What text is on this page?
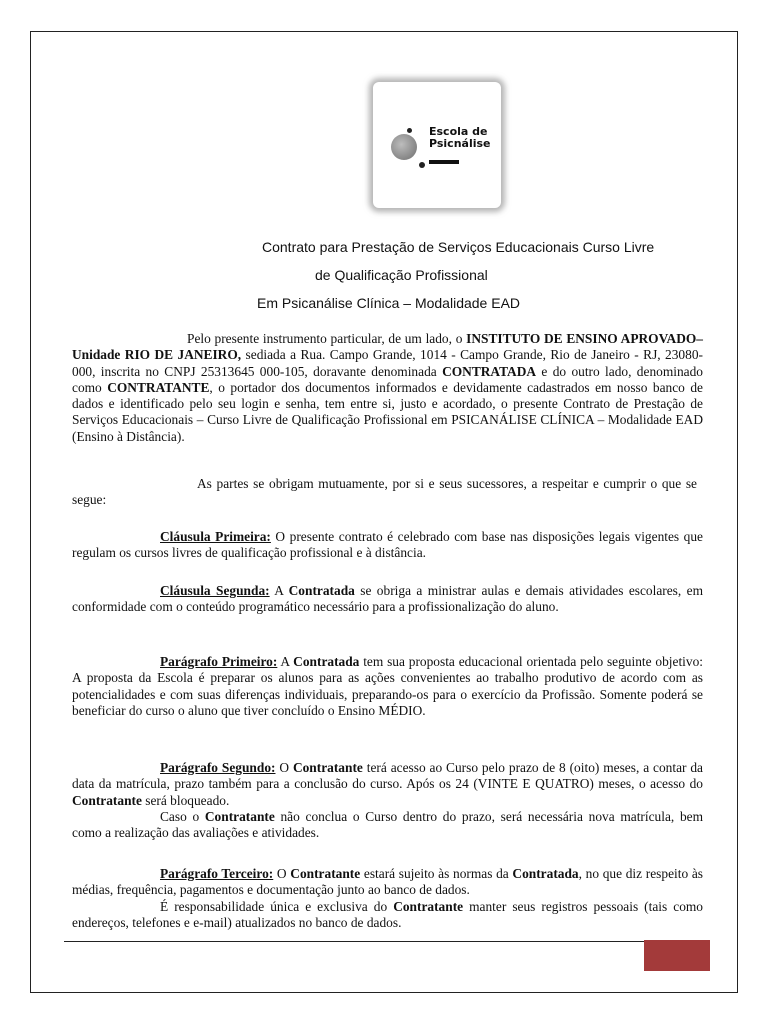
Escola de
Psicnálise
Contrato para Prestação de Serviços Educacionais Curso Livre
de Qualificação Profissional
Em Psicanálise Clínica – Modalidade EAD
Pelo presente instrumento particular, de um lado, o INSTITUTO DE ENSINO APROVADO– Unidade RIO DE JANEIRO, sediada a Rua. Campo Grande, 1014 - Campo Grande, Rio de Janeiro - RJ, 23080-000, inscrita no CNPJ 25313645 000-105, doravante denominada CONTRATADA e do outro lado, denominado como CONTRATANTE, o portador dos documentos informados e devidamente cadastrados em nosso banco de dados e identificado pelo seu login e senha, tem entre si, justo e acordado, o presente Contrato de Prestação de Serviços Educacionais – Curso Livre de Qualificação Profissional em PSICANÁLISE CLÍNICA – Modalidade EAD (Ensino à Distância).
As partes se obrigam mutuamente, por si e seus sucessores, a respeitar e cumprir o que se segue:
Cláusula Primeira: O presente contrato é celebrado com base nas disposições legais vigentes que regulam os cursos livres de qualificação profissional e à distância.
Cláusula Segunda: A Contratada se obriga a ministrar aulas e demais atividades escolares, em conformidade com o conteúdo programático necessário para a profissionalização do aluno.
Parágrafo Primeiro: A Contratada tem sua proposta educacional orientada pelo seguinte objetivo: A proposta da Escola é preparar os alunos para as ações convenientes ao trabalho produtivo de acordo com as potencialidades e com suas diferenças individuais, preparando-os para o exercício da Profissão. Somente poderá se beneficiar do curso o aluno que tiver concluído o Ensino MÉDIO.
Parágrafo Segundo: O Contratante terá acesso ao Curso pelo prazo de 8 (oito) meses, a contar da data da matrícula, prazo também para a conclusão do curso. Após os 24 (VINTE E QUATRO) meses, o acesso do Contratante será bloqueado.
Caso o Contratante não conclua o Curso dentro do prazo, será necessária nova matrícula, bem como a realização das avaliações e atividades.
Parágrafo Terceiro: O Contratante estará sujeito às normas da Contratada, no que diz respeito às médias, frequência, pagamentos e documentação junto ao banco de dados.
É responsabilidade única e exclusiva do Contratante manter seus registros pessoais (tais como endereços, telefones e e-mail) atualizados no banco de dados.
